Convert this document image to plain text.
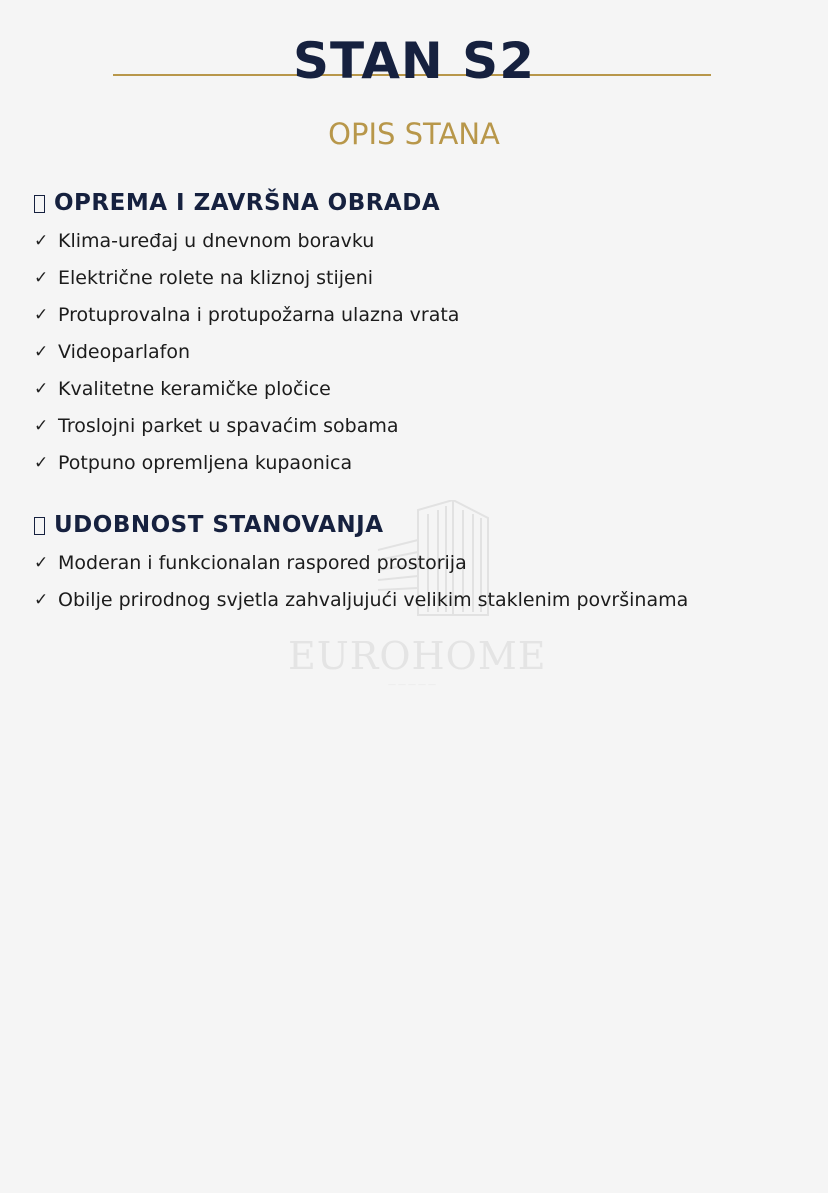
EUROHOME
—————
STAN S2
OPIS STANA
OPREMA I ZAVRŠNA OBRADA
✓ Klima-uređaj u dnevnom boravku
✓ Električne rolete na kliznoj stijeni
✓ Protuprovalna i protupožarna ulazna vrata
✓ Videoparlafon
✓ Kvalitetne keramičke pločice
✓ Troslojni parket u spavaćim sobama
✓ Potpuno opremljena kupaonica
UDOBNOST STANOVANJA
✓ Moderan i funkcionalan raspored prostorija
✓ Obilje prirodnog svjetla zahvaljujući velikim staklenim površinama
